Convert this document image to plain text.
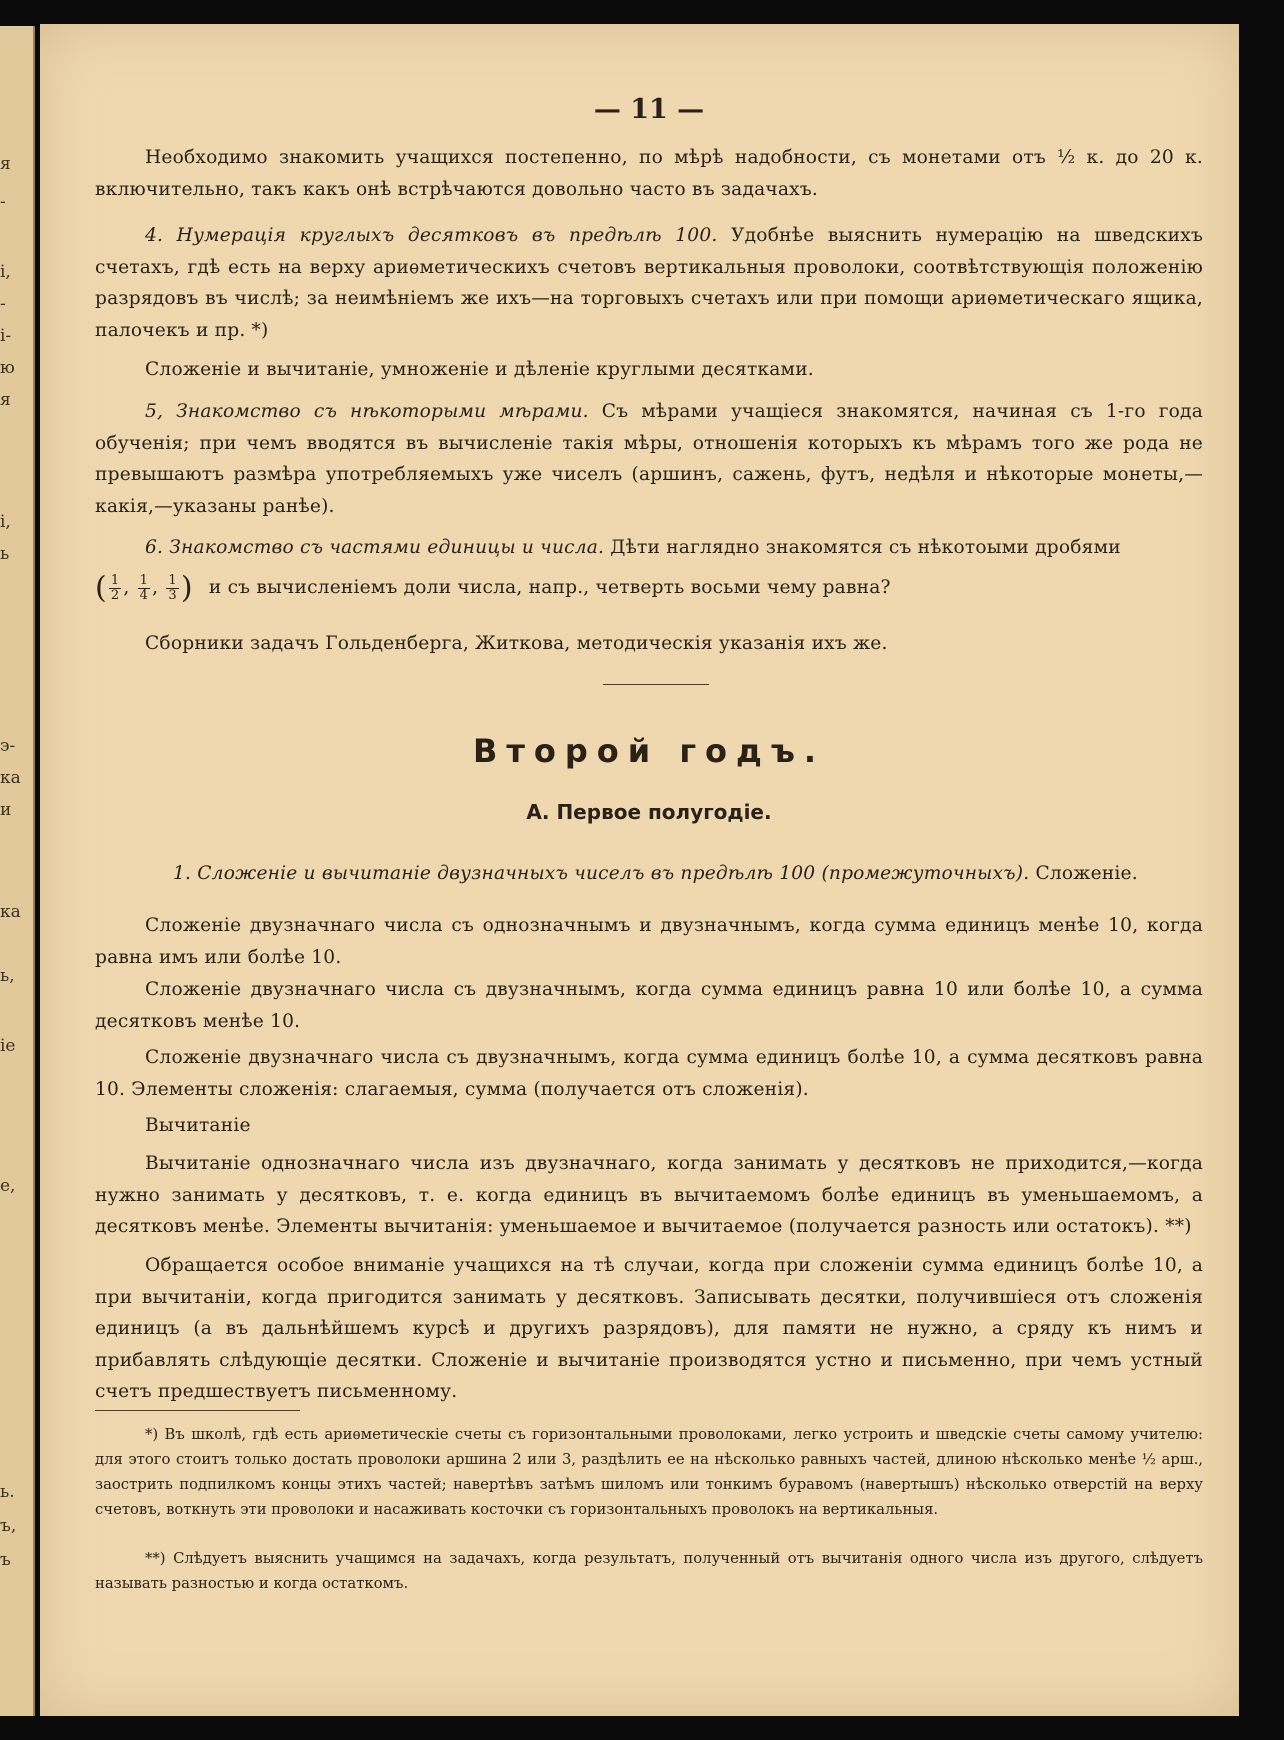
я
-
і,
-
і-
ю
я
і,
ь
э-
ка
и
ка
ь,
іе
е,
ь.
ъ,
ъ
— 11 —

Необходимо знакомить учащихся постепенно, по мѣрѣ надобности, съ монетами отъ ½ к. до 20 к. включительно, такъ какъ онѣ встрѣчаются довольно часто въ задачахъ.

4. Нумерація круглыхъ десятковъ въ предѣлѣ 100. Удобнѣе выяснить нумерацію на шведскихъ счетахъ, гдѣ есть на верху ариѳметическихъ счетовъ вертикальныя проволоки, соотвѣтствующія положенію разрядовъ въ числѣ; за неимѣніемъ же ихъ—на торговыхъ счетахъ или при помощи ариѳметическаго ящика, палочекъ и пр. *)

Сложеніе и вычитаніе, умноженіе и дѣленіе круглыми десятками.

5, Знакомство съ нѣкоторыми мѣрами. Съ мѣрами учащіеся знакомятся, начиная съ 1-го года обученія; при чемъ вводятся въ вычисленіе такія мѣры, отношенія которыхъ къ мѣрамъ того же рода не превышаютъ размѣра употребляемыхъ уже чиселъ (аршинъ, сажень, футъ, недѣля и нѣкоторые монеты,—какія,—указаны ранѣе).

6. Знакомство съ частями единицы и числа. Дѣти наглядно знакомятся съ нѣкотоыми дробями

( $\frac{1}{2}$ , $\frac{1}{4}$ , $\frac{1}{3}$ ) и съ вычисленіемъ доли числа, напр., четверть восьми чему равна?

Сборники задачъ Гольденберга, Житкова, методическія указанія ихъ же.

Второй годъ.
А. Первое полугодіе.

1. Сложеніе и вычитаніе двузначныхъ чиселъ въ предѣлѣ 100 (промежуточныхъ). Сложеніе.

Сложеніе двузначнаго числа съ однозначнымъ и двузначнымъ, когда сумма единицъ менѣе 10, когда равна имъ или болѣе 10.

Сложеніе двузначнаго числа съ двузначнымъ, когда сумма единицъ равна 10 или болѣе 10, а сумма десятковъ менѣе 10.

Сложеніе двузначнаго числа съ двузначнымъ, когда сумма единицъ болѣе 10, а сумма десятковъ равна 10. Элементы сложенія: слагаемыя, сумма (получается отъ сложенія).

Вычитаніе

Вычитаніе однозначнаго числа изъ двузначнаго, когда занимать у десятковъ не приходится,—когда нужно занимать у десятковъ, т. е. когда единицъ въ вычитаемомъ болѣе единицъ въ уменьшаемомъ, а десятковъ менѣе. Элементы вычитанія: уменьшаемое и вычитаемое (получается разность или остатокъ). **)

Обращается особое вниманіе учащихся на тѣ случаи, когда при сложеніи сумма единицъ болѣе 10, а при вычитаніи, когда пригодится занимать у десятковъ. Записывать десятки, получившіеся отъ сложенія единицъ (а въ дальнѣйшемъ курсѣ и другихъ разрядовъ), для памяти не нужно, а сряду къ нимъ и прибавлять слѣдующіе десятки. Сложеніе и вычитаніе производятся устно и письменно, при чемъ устный счетъ предшествуетъ письменному.

*) Въ школѣ, гдѣ есть ариѳметическіе счеты съ горизонтальными проволоками, легко устроить и шведскіе счеты самому учителю: для этого стоитъ только достать проволоки аршина 2 или 3, раздѣлить ее на нѣсколько равныхъ частей, длиною нѣсколько менѣе ½ арш., заострить подпилкомъ концы этихъ частей; навертѣвъ затѣмъ шиломъ или тонкимъ буравомъ (навертышъ) нѣсколько отверстій на верху счетовъ, воткнуть эти проволоки и насаживать косточки съ горизонтальныхъ проволокъ на вертикальныя.

**) Слѣдуетъ выяснить учащимся на задачахъ, когда результатъ, полученный отъ вычитанія одного числа изъ другого, слѣдуетъ называть разностью и когда остаткомъ.
